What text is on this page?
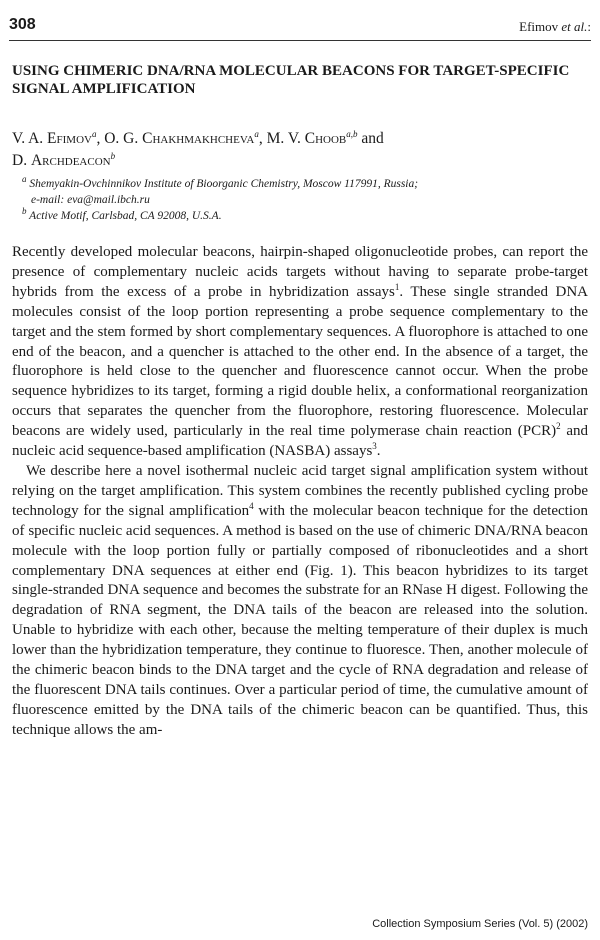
308	Efimov et al.:
USING CHIMERIC DNA/RNA MOLECULAR BEACONS FOR TARGET-SPECIFIC SIGNAL AMPLIFICATION
V. A. Efimov$^a$, O. G. Chakhmakhcheva$^a$, M. V. Choob$^{a,b}$ and
D. Archdeacon$^b$
$^a$ Shemyakin-Ovchinnikov Institute of Bioorganic Chemistry, Moscow 117991, Russia;
e-mail: eva@mail.ibch.ru
$^b$ Active Motif, Carlsbad, CA 92008, U.S.A.

Recently developed molecular beacons, hairpin-shaped oligonucleotide probes, can report the presence of complementary nucleic acids targets without having to separate probe-target hybrids from the excess of a probe in hybridization assays$^1$. These single stranded DNA molecules consist of the loop portion representing a probe sequence complementary to the target and the stem formed by short complementary sequences. A fluorophore is attached to one end of the beacon, and a quencher is attached to the other end. In the absence of a target, the fluorophore is held close to the quencher and fluorescence cannot occur. When the probe sequence hybridizes to its target, forming a rigid double helix, a conformational reorganization occurs that separates the quencher from the fluorophore, restoring fluorescence. Molecular beacons are widely used, particularly in the real time polymerase chain reaction (PCR)$^2$ and nucleic acid sequence-based amplification (NASBA) assays$^3$.

We describe here a novel isothermal nucleic acid target signal amplification system without relying on the target amplification. This system combines the recently published cycling probe technology for the signal amplification$^4$ with the molecular beacon technique for the detection of specific nucleic acid sequences. A method is based on the use of chimeric DNA/RNA beacon molecule with the loop portion fully or partially composed of ribonucleotides and a short complementary DNA sequences at either end (Fig. 1). This beacon hybridizes to its target single-stranded DNA sequence and becomes the substrate for an RNase H digest. Following the degradation of RNA segment, the DNA tails of the beacon are released into the solution. Unable to hybridize with each other, because the melting temperature of their duplex is much lower than the hybridization temperature, they continue to fluoresce. Then, another molecule of the chimeric beacon binds to the DNA target and the cycle of RNA degradation and release of the fluorescent DNA tails continues. Over a particular period of time, the cumulative amount of fluorescence emitted by the DNA tails of the chimeric beacon can be quantified. Thus, this technique allows the am-

Collection Symposium Series (Vol. 5) (2002)
